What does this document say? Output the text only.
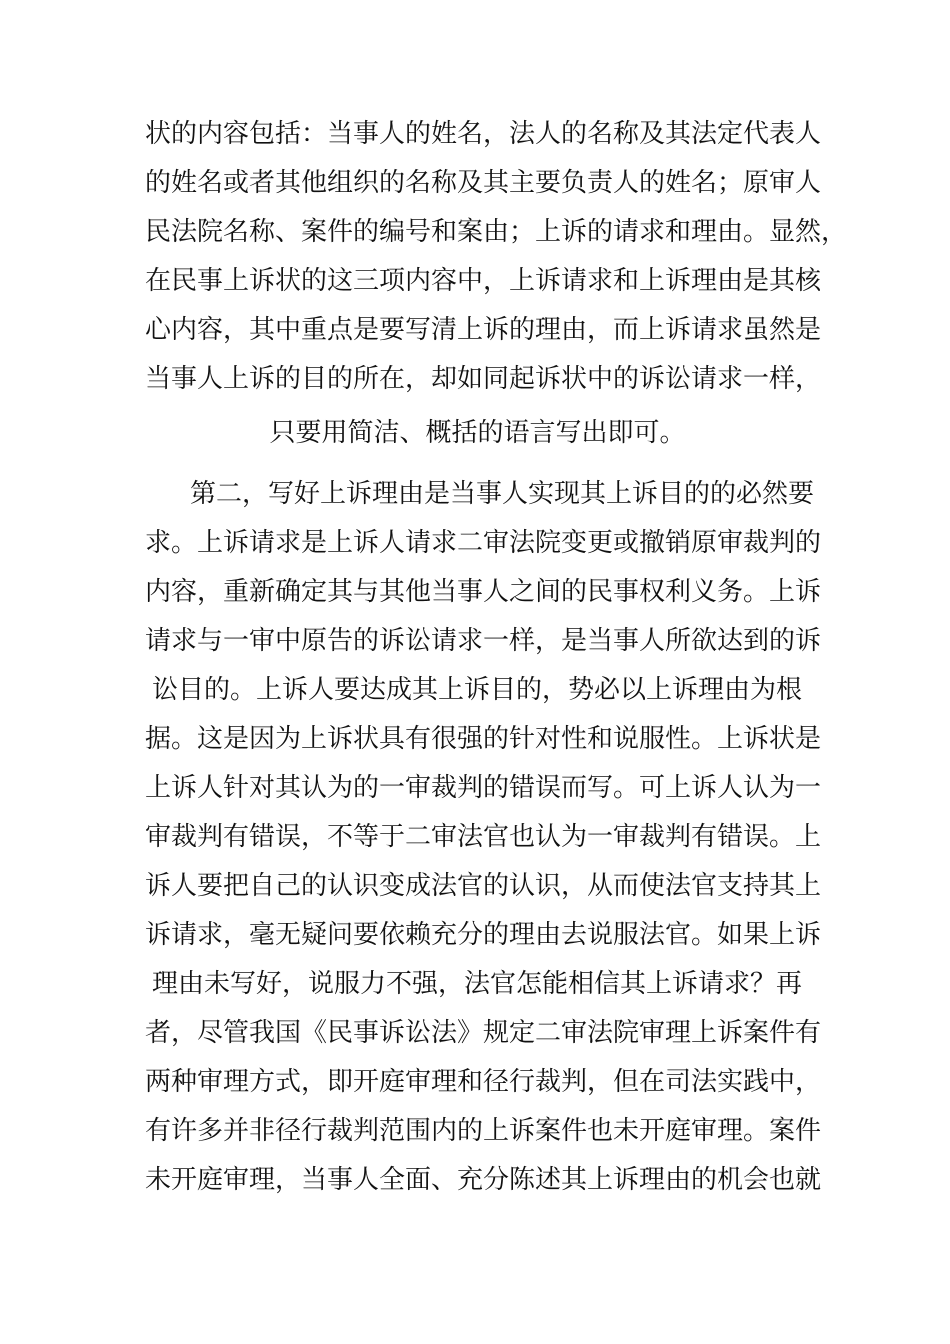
状的内容包括：当事人的姓名，法人的名称及其法定代表人
的姓名或者其他组织的名称及其主要负责人的姓名；原审人
民法院名称、案件的编号和案由；上诉的请求和理由。显然，
在民事上诉状的这三项内容中，上诉请求和上诉理由是其核
心内容，其中重点是要写清上诉的理由，而上诉请求虽然是
当事人上诉的目的所在，却如同起诉状中的诉讼请求一样，
只要用简洁、概括的语言写出即可。
第二，写好上诉理由是当事人实现其上诉目的的必然要
求。上诉请求是上诉人请求二审法院变更或撤销原审裁判的
内容，重新确定其与其他当事人之间的民事权利义务。上诉
请求与一审中原告的诉讼请求一样，是当事人所欲达到的诉
讼目的。上诉人要达成其上诉目的，势必以上诉理由为根
据。这是因为上诉状具有很强的针对性和说服性。上诉状是
上诉人针对其认为的一审裁判的错误而写。可上诉人认为一
审裁判有错误，不等于二审法官也认为一审裁判有错误。上
诉人要把自己的认识变成法官的认识，从而使法官支持其上
诉请求，毫无疑问要依赖充分的理由去说服法官。如果上诉
理由未写好，说服力不强，法官怎能相信其上诉请求？再
者，尽管我国《民事诉讼法》规定二审法院审理上诉案件有
两种审理方式，即开庭审理和径行裁判，但在司法实践中，
有许多并非径行裁判范围内的上诉案件也未开庭审理。案件
未开庭审理，当事人全面、充分陈述其上诉理由的机会也就
